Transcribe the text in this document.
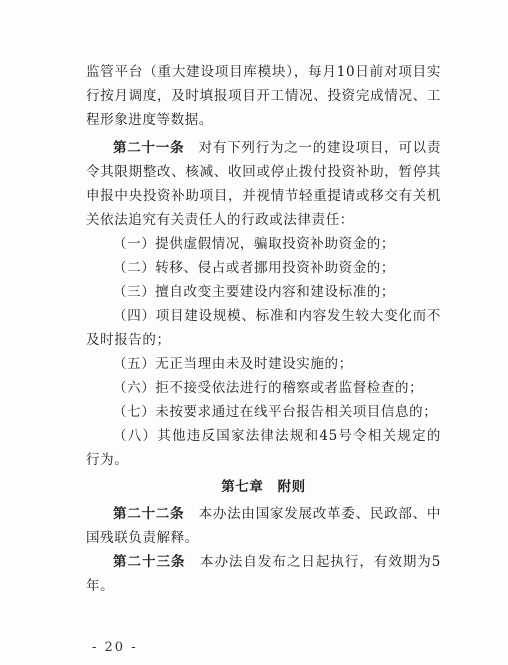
监管平台（重大建设项目库模块），每月10日前对项目实行按月调度，及时填报项目开工情况、投资完成情况、工程形象进度等数据。

第二十一条　 对有下列行为之一的建设项目，可以责令其限期整改、核减、收回或停止拨付投资补助，暂停其申报中央投资补助项目，并视情节轻重提请或移交有关机关依法追究有关责任人的行政或法律责任：

（一）提供虚假情况，骗取投资补助资金的；

（二）转移、侵占或者挪用投资补助资金的；

（三）擅自改变主要建设内容和建设标准的；

（四）项目建设规模、标准和内容发生较大变化而不及时报告的；

（五）无正当理由未及时建设实施的；

（六）拒不接受依法进行的稽察或者监督检查的；

（七）未按要求通过在线平台报告相关项目信息的；

（八）其他违反国家法律法规和45号令相关规定的行为。

第七章　附则

第二十二条　 本办法由国家发展改革委、民政部、中国残联负责解释。

第二十三条　 本办法自发布之日起执行，有效期为5年。

- 20 -
